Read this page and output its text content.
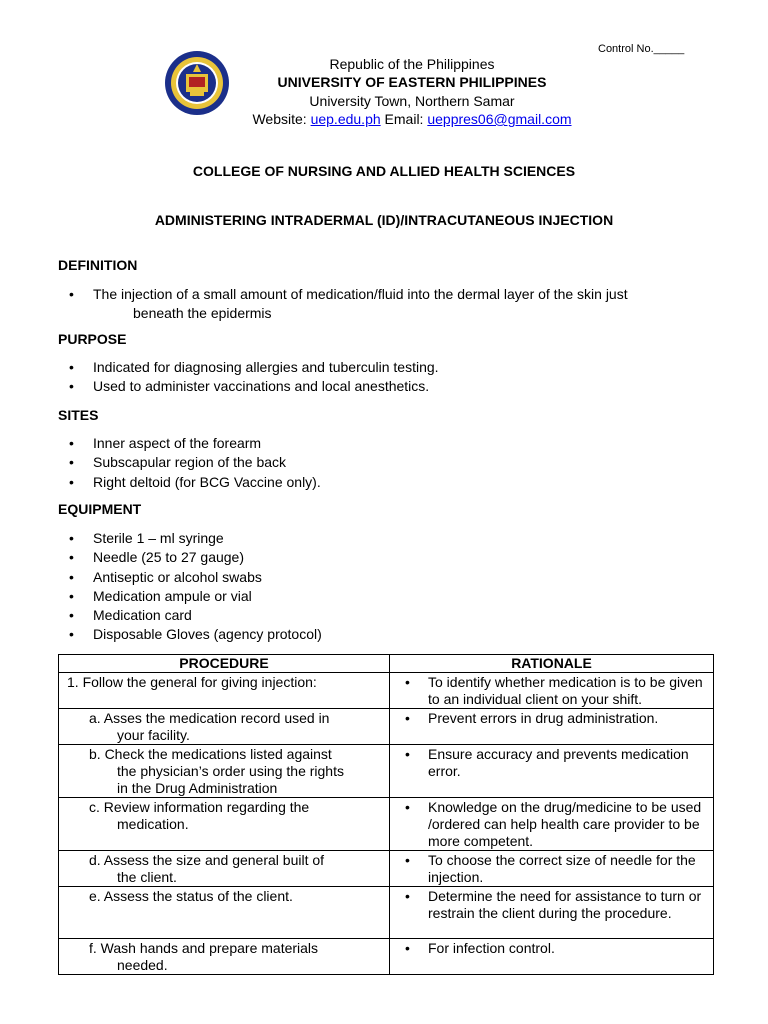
Control No._____
Republic of the Philippines
UNIVERSITY OF EASTERN PHILIPPINES
University Town, Northern Samar
Website: uep.edu.ph Email: ueppres06@gmail.com
COLLEGE OF NURSING AND ALLIED HEALTH SCIENCES
ADMINISTERING INTRADERMAL (ID)/INTRACUTANEOUS INJECTION
DEFINITION
• The injection of a small amount of medication/fluid into the dermal layer of the skin just
beneath the epidermis
PURPOSE
• Indicated for diagnosing allergies and tuberculin testing.
• Used to administer vaccinations and local anesthetics.
SITES
• Inner aspect of the forearm
• Subscapular region of the back
• Right deltoid (for BCG Vaccine only).
EQUIPMENT
• Sterile 1 – ml syringe
• Needle (25 to 27 gauge)
• Antiseptic or alcohol swabs
• Medication ampule or vial
• Medication card
• Disposable Gloves (agency protocol)
PROCEDURE	RATIONALE

1. Follow the general for giving injection:	• To identify whether medication is to be given to an individual client on your shift.

a. Asses the medication record used in
your facility.	• Prevent errors in drug administration.

b. Check the medications listed against
the physician’s order using the rights
in the Drug Administration	• Ensure accuracy and prevents medication error.

c. Review information regarding the
medication.	• Knowledge on the drug/medicine to be used /ordered can help health care provider to be more competent.

d. Assess the size and general built of
the client.	• To choose the correct size of needle for the injection.

e. Assess the status of the client.	• Determine the need for assistance to turn or restrain the client during the procedure.

f. Wash hands and prepare materials
needed.	• For infection control.
